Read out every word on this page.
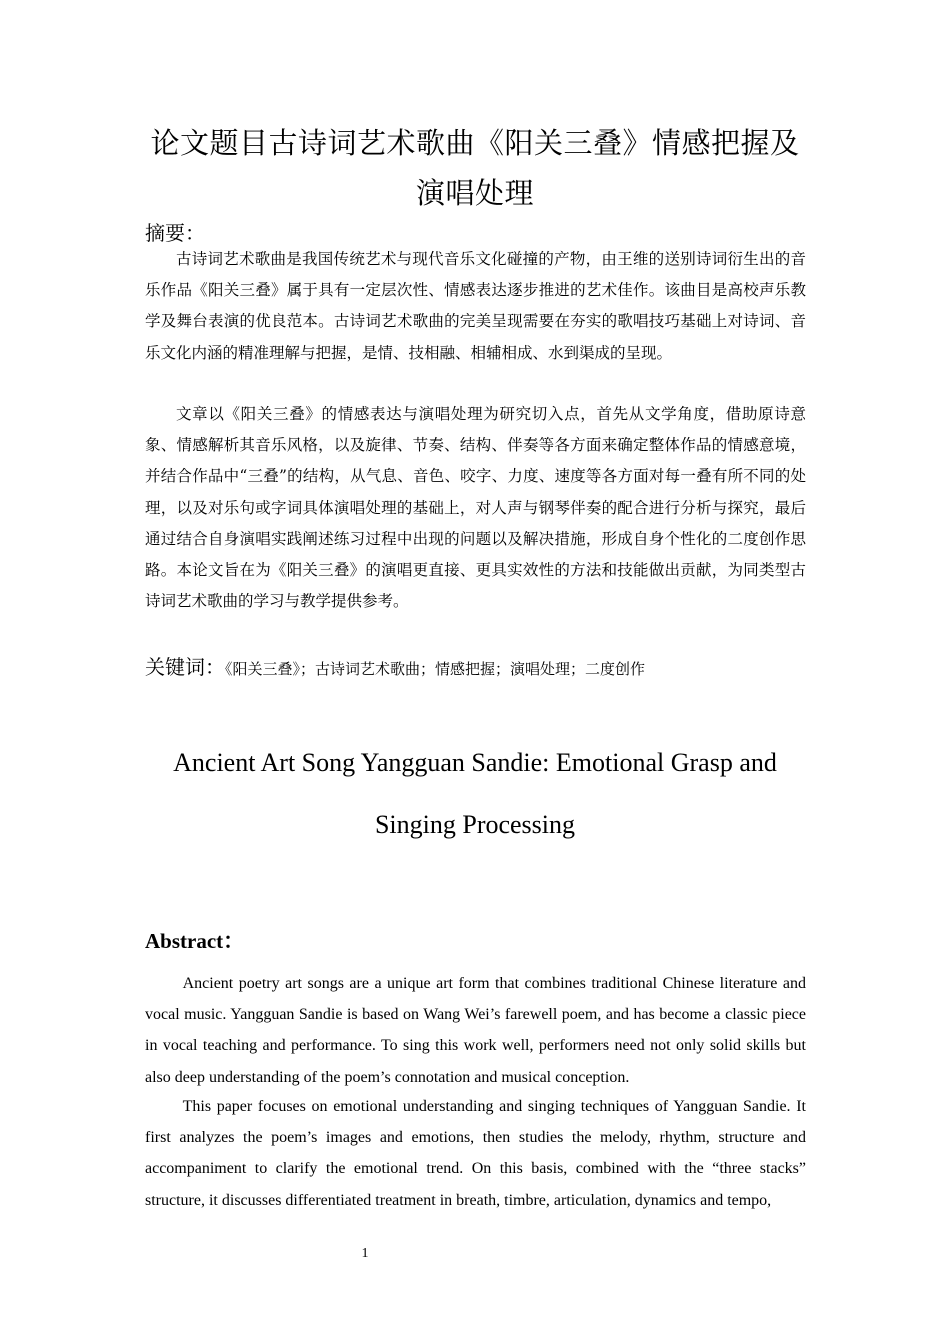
论文题目古诗词艺术歌曲《阳关三叠》情感把握及演唱处理
摘要：

古诗词艺术歌曲是我国传统艺术与现代音乐文化碰撞的产物，由王维的送别诗词衍生出的音乐作品《阳关三叠》属于具有一定层次性、情感表达逐步推进的艺术佳作。该曲目是高校声乐教学及舞台表演的优良范本。古诗词艺术歌曲的完美呈现需要在夯实的歌唱技巧基础上对诗词、音乐文化内涵的精准理解与把握，是情、技相融、相辅相成、水到渠成的呈现。

文章以《阳关三叠》的情感表达与演唱处理为研究切入点，首先从文学角度，借助原诗意象、情感解析其音乐风格，以及旋律、节奏、结构、伴奏等各方面来确定整体作品的情感意境，并结合作品中“三叠”的结构，从气息、音色、咬字、力度、速度等各方面对每一叠有所不同的处理，以及对乐句或字词具体演唱处理的基础上，对人声与钢琴伴奏的配合进行分析与探究，最后通过结合自身演唱实践阐述练习过程中出现的问题以及解决措施，形成自身个性化的二度创作思路。本论文旨在为《阳关三叠》的演唱更直接、更具实效性的方法和技能做出贡献，为同类型古诗词艺术歌曲的学习与教学提供参考。

关键词：《阳关三叠》；古诗词艺术歌曲；情感把握；演唱处理；二度创作
Ancient Art Song Yangguan Sandie: Emotional Grasp and
Singing Processing
Abstract：

Ancient poetry art songs are a unique art form that combines traditional Chinese literature and vocal music. Yangguan Sandie is based on Wang Wei’s farewell poem, and has become a classic piece in vocal teaching and performance. To sing this work well, performers need not only solid skills but also deep understanding of the poem’s connotation and musical conception.

This paper focuses on emotional understanding and singing techniques of Yangguan Sandie. It first analyzes the poem’s images and emotions, then studies the melody, rhythm, structure and accompaniment to clarify the emotional trend. On this basis, combined with the “three stacks” structure, it discusses differentiated treatment in breath, timbre, articulation, dynamics and tempo,

1
